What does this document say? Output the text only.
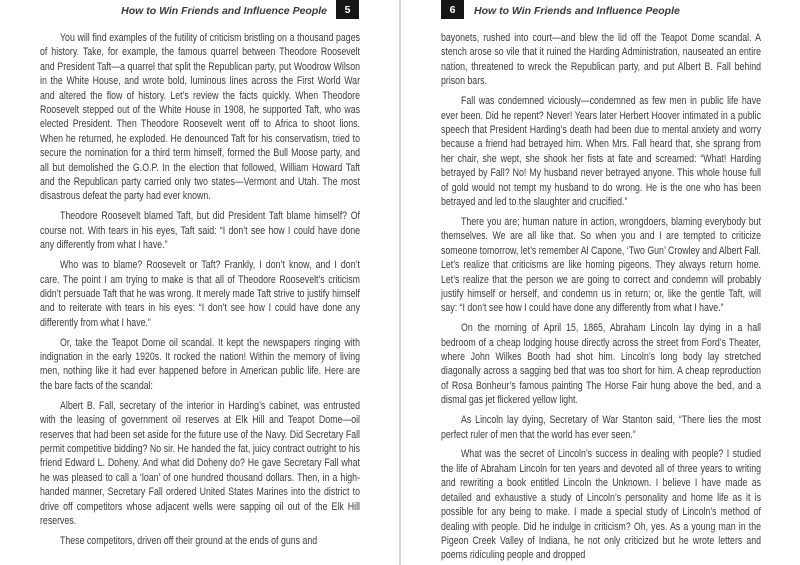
How to Win Friends and Influence People	5

You will find examples of the futility of criticism bristling on a thousand pages of history. Take, for example, the famous quarrel between Theodore Roosevelt and President Taft—a quarrel that split the Republican party, put Woodrow Wilson in the White House, and wrote bold, luminous lines across the First World War and altered the flow of history. Let’s review the facts quickly. When Theodore Roosevelt stepped out of the White House in 1908, he supported Taft, who was elected President. Then Theodore Roosevelt went off to Africa to shoot lions. When he returned, he exploded. He denounced Taft for his conservatism, tried to secure the nomination for a third term himself, formed the Bull Moose party, and all but demolished the G.O.P. In the election that followed, William Howard Taft and the Republican party carried only two states—Vermont and Utah. The most disastrous defeat the party had ever known.

Theodore Roosevelt blamed Taft, but did President Taft blame himself? Of course not. With tears in his eyes, Taft said: “I don’t see how I could have done any differently from what I have.”

Who was to blame? Roosevelt or Taft? Frankly, I don’t know, and I don’t care. The point I am trying to make is that all of Theodore Roosevelt’s criticism didn’t persuade Taft that he was wrong. It merely made Taft strive to justify himself and to reiterate with tears in his eyes: “I don’t see how I could have done any differently from what I have.”

Or, take the Teapot Dome oil scandal. It kept the newspapers ringing with indignation in the early 1920s. It rocked the nation! Within the memory of living men, nothing like it had ever happened before in American public life. Here are the bare facts of the scandal:

Albert B. Fall, secretary of the interior in Harding’s cabinet, was entrusted with the leasing of government oil reserves at Elk Hill and Teapot Dome—oil reserves that had been set aside for the future use of the Navy. Did Secretary Fall permit competitive bidding? No sir. He handed the fat, juicy contract outright to his friend Edward L. Doheny. And what did Doheny do? He gave Secretary Fall what he was pleased to call a ‘loan’ of one hundred thousand dollars. Then, in a high-handed manner, Secretary Fall ordered United States Marines into the district to drive off competitors whose adjacent wells were sapping oil out of the Elk Hill reserves.

These competitors, driven off their ground at the ends of guns and

6	How to Win Friends and Influence People

bayonets, rushed into court—and blew the lid off the Teapot Dome scandal. A stench arose so vile that it ruined the Harding Administration, nauseated an entire nation, threatened to wreck the Republican party, and put Albert B. Fall behind prison bars.

Fall was condemned viciously—condemned as few men in public life have ever been. Did he repent? Never! Years later Herbert Hoover intimated in a public speech that President Harding’s death had been due to mental anxiety and worry because a friend had betrayed him. When Mrs. Fall heard that, she sprang from her chair, she wept, she shook her fists at fate and screamed: “What! Harding betrayed by Fall? No! My husband never betrayed anyone. This whole house full of gold would not tempt my husband to do wrong. He is the one who has been betrayed and led to the slaughter and crucified.”

There you are; human nature in action, wrongdoers, blaming everybody but themselves. We are all like that. So when you and I are tempted to criticize someone tomorrow, let’s remember Al Capone, ‘Two Gun’ Crowley and Albert Fall. Let’s realize that criticisms are like homing pigeons. They always return home. Let’s realize that the person we are going to correct and condemn will probably justify himself or herself, and condemn us in return; or, like the gentle Taft, will say: “I don’t see how I could have done any differently from what I have.”

On the morning of April 15, 1865, Abraham Lincoln lay dying in a hall bedroom of a cheap lodging house directly across the street from Ford’s Theater, where John Wilkes Booth had shot him. Lincoln’s long body lay stretched diagonally across a sagging bed that was too short for him. A cheap reproduction of Rosa Bonheur’s famous painting The Horse Fair hung above the bed, and a dismal gas jet flickered yellow light.

As Lincoln lay dying, Secretary of War Stanton said, “There lies the most perfect ruler of men that the world has ever seen.”

What was the secret of Lincoln’s success in dealing with people? I studied the life of Abraham Lincoln for ten years and devoted all of three years to writing and rewriting a book entitled Lincoln the Unknown. I believe I have made as detailed and exhaustive a study of Lincoln’s personality and home life as it is possible for any being to make. I made a special study of Lincoln’s method of dealing with people. Did he indulge in criticism? Oh, yes. As a young man in the Pigeon Creek Valley of Indiana, he not only criticized but he wrote letters and poems ridiculing people and dropped
